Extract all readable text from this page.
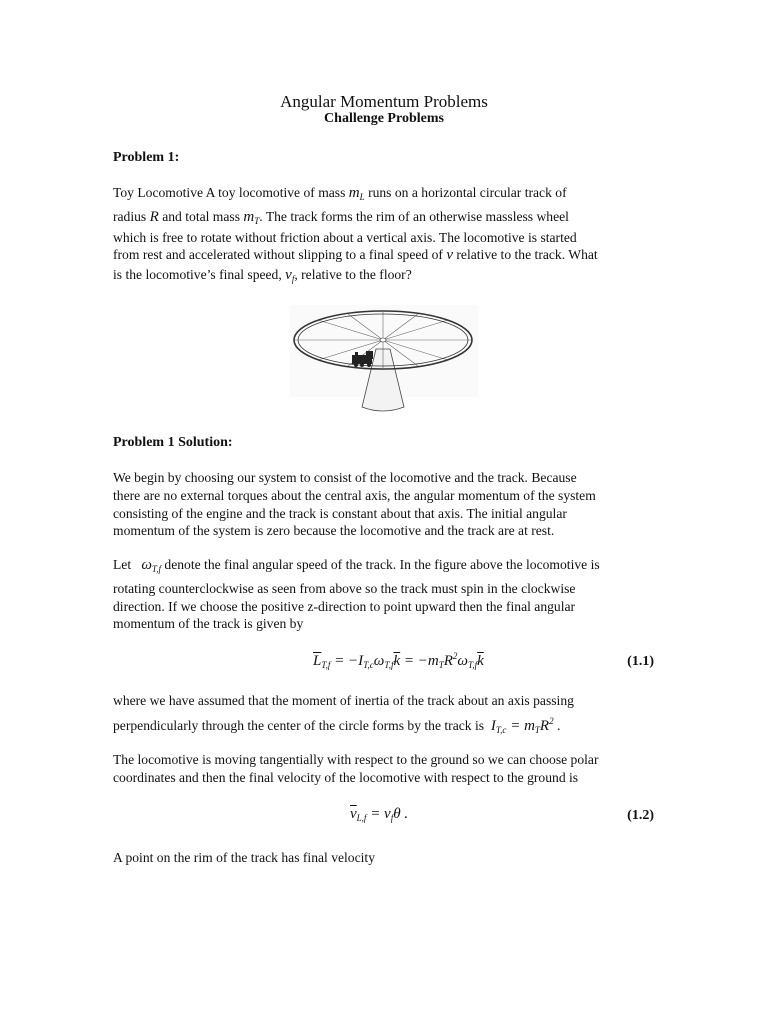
Angular Momentum Problems
Challenge Problems
Problem 1:
Toy Locomotive A toy locomotive of mass $m_L$ runs on a horizontal circular track of
radius R and total mass $m_T$. The track forms the rim of an otherwise massless wheel
which is free to rotate without friction about a vertical axis. The locomotive is started
from rest and accelerated without slipping to a final speed of v relative to the track. What
is the locomotive’s final speed, $v_f$, relative to the floor?
Problem 1 Solution:
We begin by choosing our system to consist of the locomotive and the track. Because
there are no external torques about the central axis, the angular momentum of the system
consisting of the engine and the track is constant about that axis. The initial angular
momentum of the system is zero because the locomotive and the track are at rest.
Let $\omega_{T,f}$ denote the final angular speed of the track. In the figure above the locomotive is
rotating counterclockwise as seen from above so the track must spin in the clockwise
direction. If we choose the positive z-direction to point upward then the final angular
momentum of the track is given by
$\overline{L}_{T,f} = -I_{T,c}\omega_{T,f}\overline{k} = -m_TR^2\omega_{T,f}\overline{k}$	(1.1)
where we have assumed that the moment of inertia of the track about an axis passing
perpendicularly through the center of the circle forms by the track is $I_{T,c} = m_TR^2$ .
The locomotive is moving tangentially with respect to the ground so we can choose polar
coordinates and then the final velocity of the locomotive with respect to the ground is
$\overline{v}_{L,f} = v_f\theta$ .	(1.2)
A point on the rim of the track has final velocity
